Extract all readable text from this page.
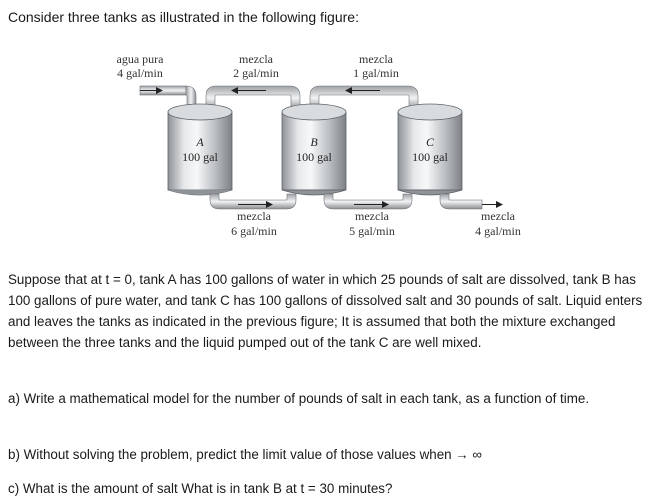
Consider three tanks as illustrated in the following figure:
agua pura
4 gal/min
mezcla
2 gal/min
mezcla
1 gal/min
A
100 gal
B
100 gal
C
100 gal
mezcla
6 gal/min
mezcla
5 gal/min
mezcla
4 gal/min

Suppose that at t = 0, tank A has 100 gallons of water in which 25 pounds of salt are dissolved, tank B has 100 gallons of pure water, and tank C has 100 gallons of dissolved salt and 30 pounds of salt. Liquid enters and leaves the tanks as indicated in the previous figure; It is assumed that both the mixture exchanged between the three tanks and the liquid pumped out of the tank C are well mixed.

a) Write a mathematical model for the number of pounds of salt in each tank, as a function of time.

b) Without solving the problem, predict the limit value of those values when → ∞

c) What is the amount of salt What is in tank B at t = 30 minutes?
